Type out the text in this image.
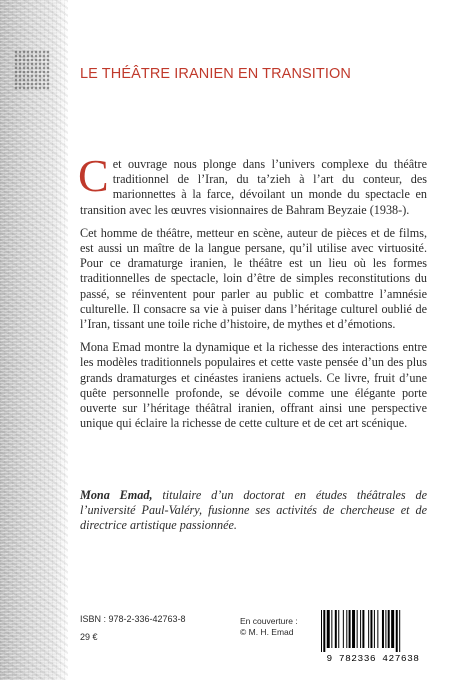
LE THÉÂTRE IRANIEN EN TRANSITION

Cet ouvrage nous plonge dans l’univers complexe du théâtre traditionnel de l’Iran, du ta’zieh à l’art du conteur, des marionnettes à la farce, dévoilant un monde du spectacle en transition avec les œuvres visionnaires de Bahram Beyzaie (1938-).

Cet homme de théâtre, metteur en scène, auteur de pièces et de films, est aussi un maître de la langue persane, qu’il utilise avec virtuosité. Pour ce dramaturge iranien, le théâtre est un lieu où les formes traditionnelles de spectacle, loin d’être de simples reconstitutions du passé, se réinventent pour parler au public et combattre l’amnésie culturelle. Il consacre sa vie à puiser dans l’héritage culturel oublié de l’Iran, tissant une toile riche d’histoire, de mythes et d’émotions.

Mona Emad montre la dynamique et la richesse des interactions entre les modèles traditionnels populaires et cette vaste pensée d’un des plus grands dramaturges et cinéastes iraniens actuels. Ce livre, fruit d’une quête personnelle profonde, se dévoile comme une élégante porte ouverte sur l’héritage théâtral iranien, offrant ainsi une perspective unique qui éclaire la richesse de cette culture et de cet art scénique.

Mona Emad, titulaire d’un doctorat en études théâtrales de l’université Paul-Valéry, fusionne ses activités de chercheuse et de directrice artistique passionnée.

ISBN : 978-2-336-42763-8
29 €
En couverture :
© M. H. Emad
9 782336 427638
